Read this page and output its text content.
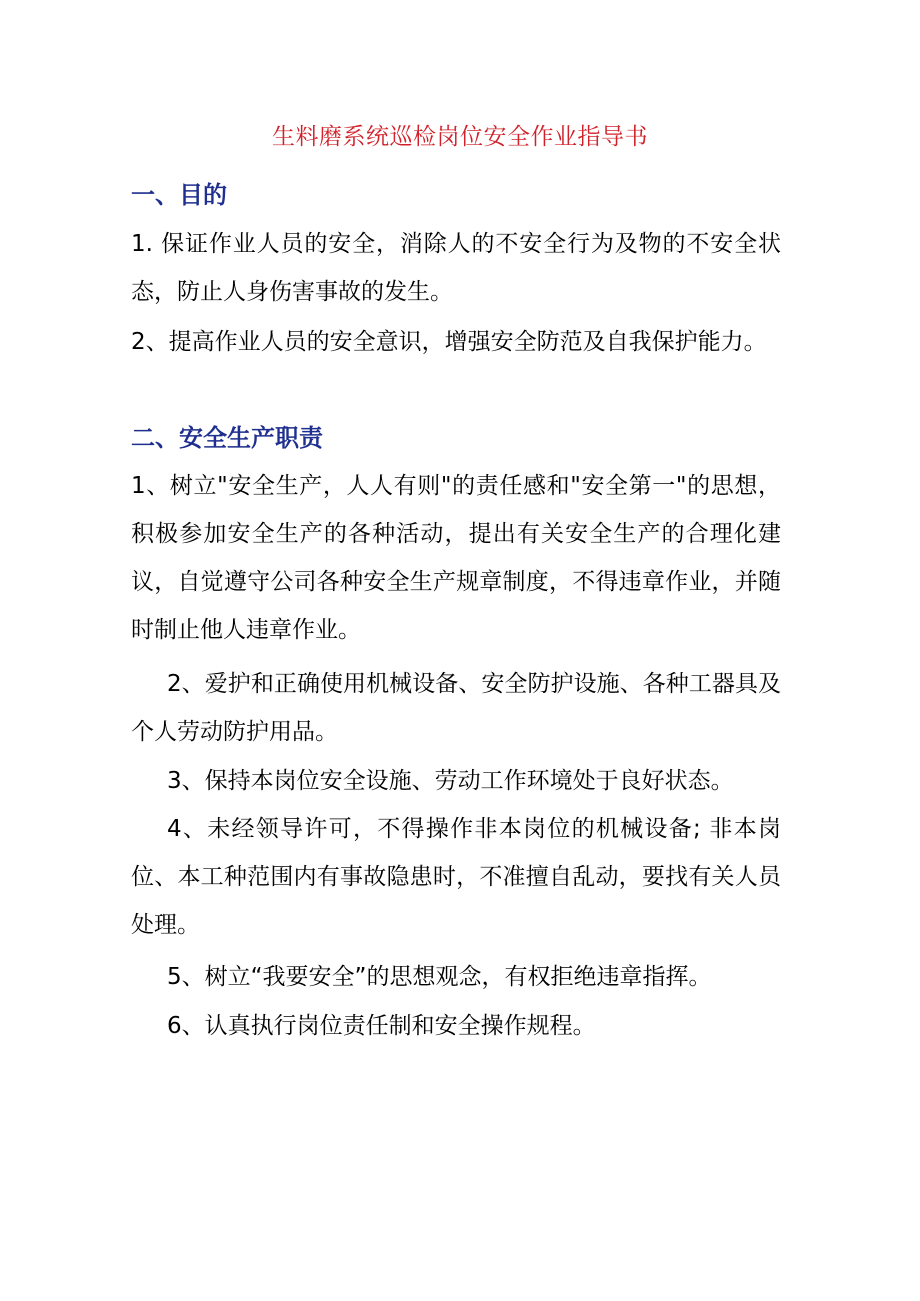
生料磨系统巡检岗位安全作业指导书
一、目的
1. 保证作业人员的安全，消除人的不安全行为及物的不安全状态，防止人身伤害事故的发生。
2、提高作业人员的安全意识，增强安全防范及自我保护能力。
二、安全生产职责
1、树立"安全生产，人人有则"的责任感和"安全第一"的思想，积极参加安全生产的各种活动，提出有关安全生产的合理化建议，自觉遵守公司各种安全生产规章制度，不得违章作业，并随时制止他人违章作业。
2、爱护和正确使用机械设备、安全防护设施、各种工器具及个人劳动防护用品。
3、保持本岗位安全设施、劳动工作环境处于良好状态。
4、未经领导许可，不得操作非本岗位的机械设备; 非本岗位、本工种范围内有事故隐患时，不准擅自乱动，要找有关人员处理。
5、树立“我要安全”的思想观念，有权拒绝违章指挥。
6、认真执行岗位责任制和安全操作规程。
